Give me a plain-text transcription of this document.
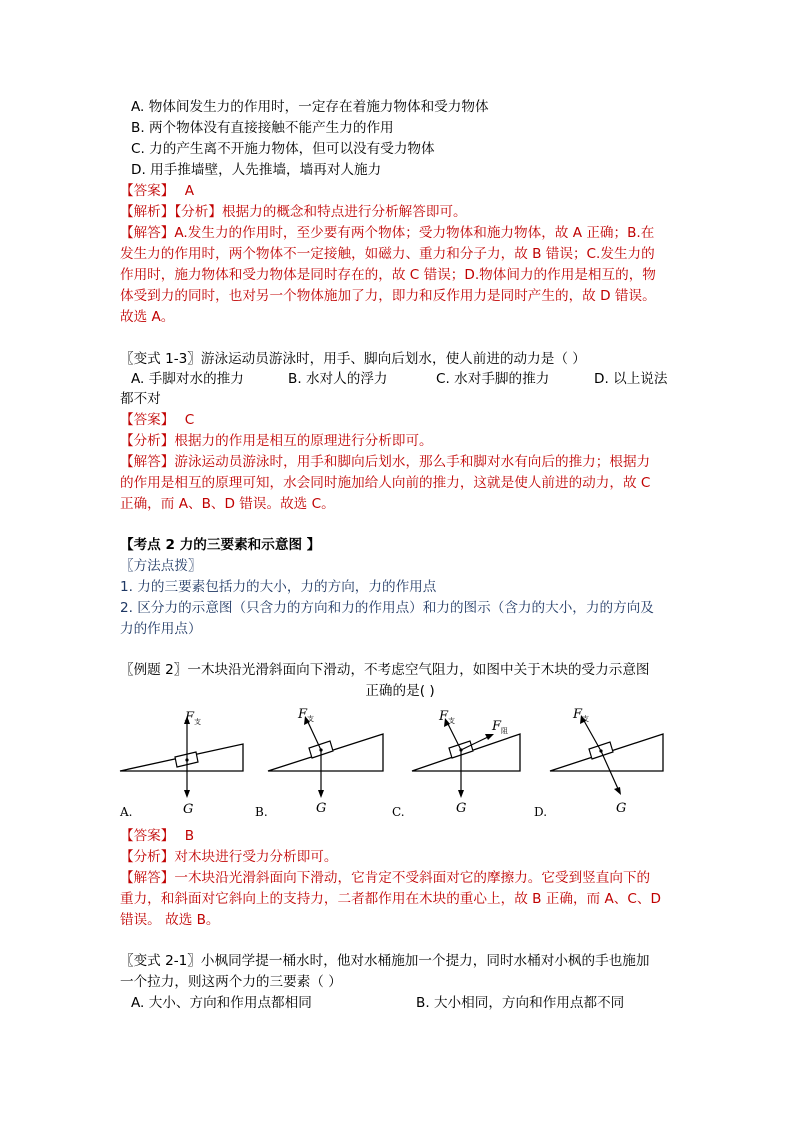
A. 物体间发生力的作用时，一定存在着施力物体和受力物体
B. 两个物体没有直接接触不能产生力的作用
C. 力的产生离不开施力物体，但可以没有受力物体
D. 用手推墙壁，人先推墙，墙再对人施力
【答案】 A
【解析】【分析】根据力的概念和特点进行分析解答即可。
【解答】A.发生力的作用时，至少要有两个物体；受力物体和施力物体，故 A 正确；B.在
发生力的作用时，两个物体不一定接触，如磁力、重力和分子力，故 B 错误；C.发生力的
作用时，施力物体和受力物体是同时存在的，故 C 错误；D.物体间力的作用是相互的，物
体受到力的同时，也对另一个物体施加了力，即力和反作用力是同时产生的，故 D 错误。
故选 A。
〖变式 1-3〗游泳运动员游泳时，用手、脚向后划水，使人前进的动力是（ ）
A. 手脚对水的推力	B. 水对人的浮力	C. 水对手脚的推力	D. 以上说法
都不对
【答案】 C
【分析】根据力的作用是相互的原理进行分析即可。
【解答】游泳运动员游泳时，用手和脚向后划水，那么手和脚对水有向后的推力；根据力
的作用是相互的原理可知，水会同时施加给人向前的推力，这就是使人前进的动力，故 C
正确，而 A、B、D 错误。故选 C。
【考点 2 力的三要素和示意图 】
〖方法点拨〗
1. 力的三要素包括力的大小，力的方向，力的作用点
2. 区分力的示意图（只含力的方向和力的作用点）和力的图示（含力的大小，力的方向及
力的作用点）
〖例题 2〗一木块沿光滑斜面向下滑动，不考虑空气阻力，如图中关于木块的受力示意图
正确的是( )
F 支
G
A.
F 支
G
B.
F 支	F 阻
G
C.
F 支
G
D.
【答案】 B
【分析】对木块进行受力分析即可。
【解答】一木块沿光滑斜面向下滑动，它肯定不受斜面对它的摩擦力。它受到竖直向下的
重力，和斜面对它斜向上的支持力，二者都作用在木块的重心上，故 B 正确，而 A、C、D
错误。 故选 B。
〖变式 2-1〗小枫同学提一桶水时，他对水桶施加一个提力，同时水桶对小枫的手也施加
一个拉力，则这两个力的三要素（ ）
A. 大小、方向和作用点都相同	B. 大小相同，方向和作用点都不同
